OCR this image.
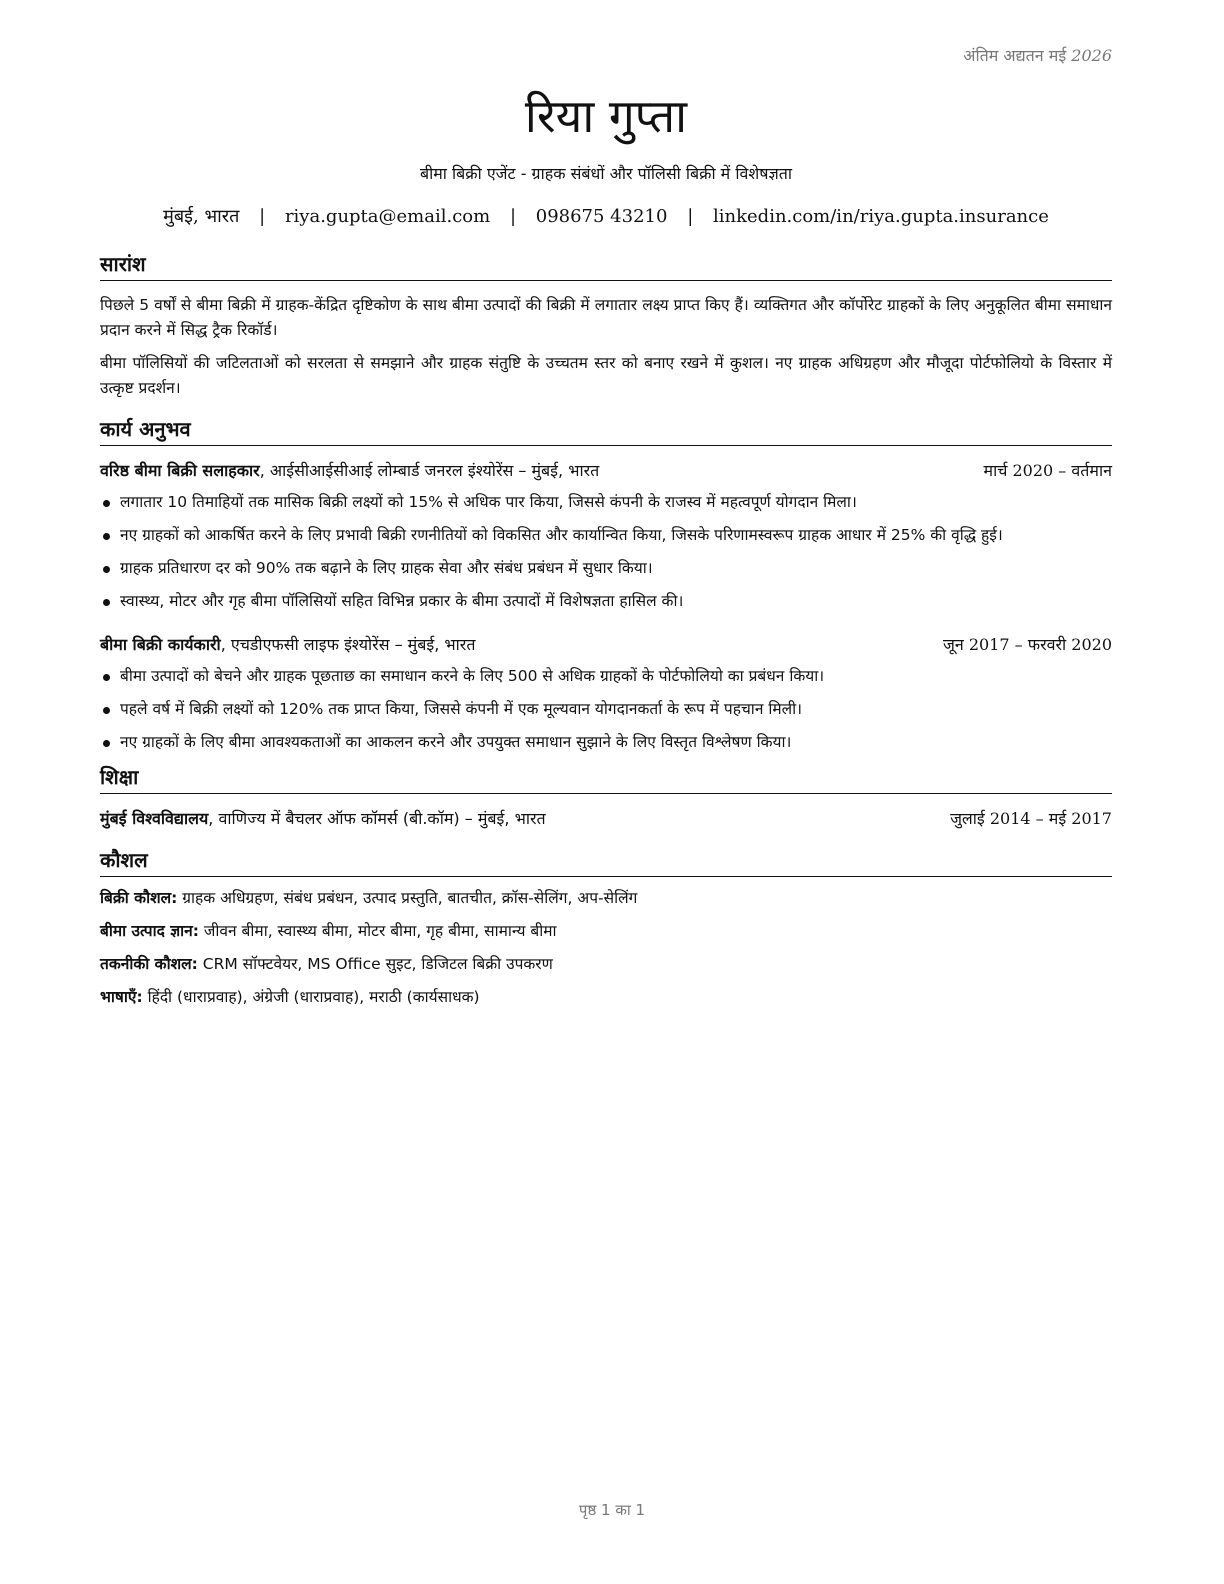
अंतिम अद्यतन मई 2026
रिया गुप्ता
बीमा बिक्री एजेंट - ग्राहक संबंधों और पॉलिसी बिक्री में विशेषज्ञता
मुंबई, भारत | riya.gupta@email.com | 098675 43210 | linkedin.com/in/riya.gupta.insurance
सारांश

पिछले 5 वर्षों से बीमा बिक्री में ग्राहक-केंद्रित दृष्टिकोण के साथ बीमा उत्पादों की बिक्री में लगातार लक्ष्य प्राप्त किए हैं। व्यक्तिगत और कॉर्पोरेट ग्राहकों के लिए अनुकूलित बीमा समाधान प्रदान करने में सिद्ध ट्रैक रिकॉर्ड।

बीमा पॉलिसियों की जटिलताओं को सरलता से समझाने और ग्राहक संतुष्टि के उच्चतम स्तर को बनाए रखने में कुशल। नए ग्राहक अधिग्रहण और मौजूदा पोर्टफोलियो के विस्तार में उत्कृष्ट प्रदर्शन।

कार्य अनुभव
वरिष्ठ बीमा बिक्री सलाहकार, आईसीआईसीआई लोम्बार्ड जनरल इंश्योरेंस – मुंबई, भारत	मार्च 2020 – वर्तमान
लगातार 10 तिमाहियों तक मासिक बिक्री लक्ष्यों को 15% से अधिक पार किया, जिससे कंपनी के राजस्व में महत्वपूर्ण योगदान मिला।
नए ग्राहकों को आकर्षित करने के लिए प्रभावी बिक्री रणनीतियों को विकसित और कार्यान्वित किया, जिसके परिणामस्वरूप ग्राहक आधार में 25% की वृद्धि हुई।
ग्राहक प्रतिधारण दर को 90% तक बढ़ाने के लिए ग्राहक सेवा और संबंध प्रबंधन में सुधार किया।
स्वास्थ्य, मोटर और गृह बीमा पॉलिसियों सहित विभिन्न प्रकार के बीमा उत्पादों में विशेषज्ञता हासिल की।
बीमा बिक्री कार्यकारी, एचडीएफसी लाइफ इंश्योरेंस – मुंबई, भारत	जून 2017 – फरवरी 2020
बीमा उत्पादों को बेचने और ग्राहक पूछताछ का समाधान करने के लिए 500 से अधिक ग्राहकों के पोर्टफोलियो का प्रबंधन किया।
पहले वर्ष में बिक्री लक्ष्यों को 120% तक प्राप्त किया, जिससे कंपनी में एक मूल्यवान योगदानकर्ता के रूप में पहचान मिली।
नए ग्राहकों के लिए बीमा आवश्यकताओं का आकलन करने और उपयुक्त समाधान सुझाने के लिए विस्तृत विश्लेषण किया।
शिक्षा
मुंबई विश्वविद्यालय, वाणिज्य में बैचलर ऑफ कॉमर्स (बी.कॉम) – मुंबई, भारत	जुलाई 2014 – मई 2017
कौशल
बिक्री कौशल: ग्राहक अधिग्रहण, संबंध प्रबंधन, उत्पाद प्रस्तुति, बातचीत, क्रॉस-सेलिंग, अप-सेलिंग
बीमा उत्पाद ज्ञान: जीवन बीमा, स्वास्थ्य बीमा, मोटर बीमा, गृह बीमा, सामान्य बीमा
तकनीकी कौशल: CRM सॉफ्टवेयर, MS Office सुइट, डिजिटल बिक्री उपकरण
भाषाएँ: हिंदी (धाराप्रवाह), अंग्रेजी (धाराप्रवाह), मराठी (कार्यसाधक)
पृष्ठ 1 का 1
